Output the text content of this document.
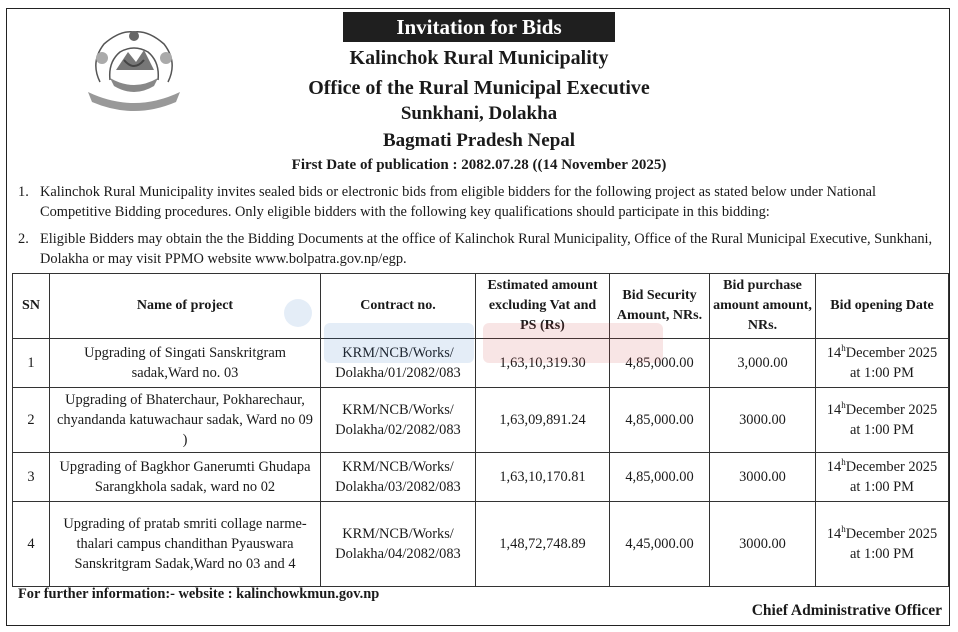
Invitation for Bids
Kalinchok Rural Municipality
Office of the Rural Municipal Executive
Sunkhani, Dolakha
Bagmati Pradesh Nepal
First Date of publication : 2082.07.28 ((14 November 2025)
1. Kalinchok Rural Municipality invites sealed bids or electronic bids from eligible bidders for the following project as stated below under National Competitive Bidding procedures. Only eligible bidders with the following key qualifications should participate in this bidding:
2. Eligible Bidders may obtain the the Bidding Documents at the office of Kalinchok Rural Municipality, Office of the Rural Municipal Executive, Sunkhani, Dolakha or may visit PPMO website www.bolpatra.gov.np/egp.
SN	Name of project	Contract no.	Estimated amount excluding Vat and PS (Rs)	Bid Security Amount, NRs.	Bid purchase amount amount, NRs.	Bid opening Date
1	Upgrading of Singati Sanskritgram sadak,Ward no. 03	KRM/NCB/Works/ Dolakha/01/2082/083	1,63,10,319.30	4,85,000.00	3,000.00	14$^h$December 2025
at 1:00 PM
2	Upgrading of Bhaterchaur, Pokharechaur, chyandanda katuwachaur sadak, Ward no 09 )	KRM/NCB/Works/ Dolakha/02/2082/083	1,63,09,891.24	4,85,000.00	3000.00	14$^h$December 2025
at 1:00 PM
3	Upgrading of Bagkhor Ganerumti Ghudapa Sarangkhola sadak, ward no 02	KRM/NCB/Works/ Dolakha/03/2082/083	1,63,10,170.81	4,85,000.00	3000.00	14$^h$December 2025
at 1:00 PM
4	Upgrading of pratab smriti collage narme-thalari campus chandithan Pyauswara Sanskritgram Sadak,Ward no 03 and 4	KRM/NCB/Works/ Dolakha/04/2082/083	1,48,72,748.89	4,45,000.00	3000.00	14$^h$December 2025
at 1:00 PM
For further information:- website : kalinchowkmun.gov.np
Chief Administrative Officer
